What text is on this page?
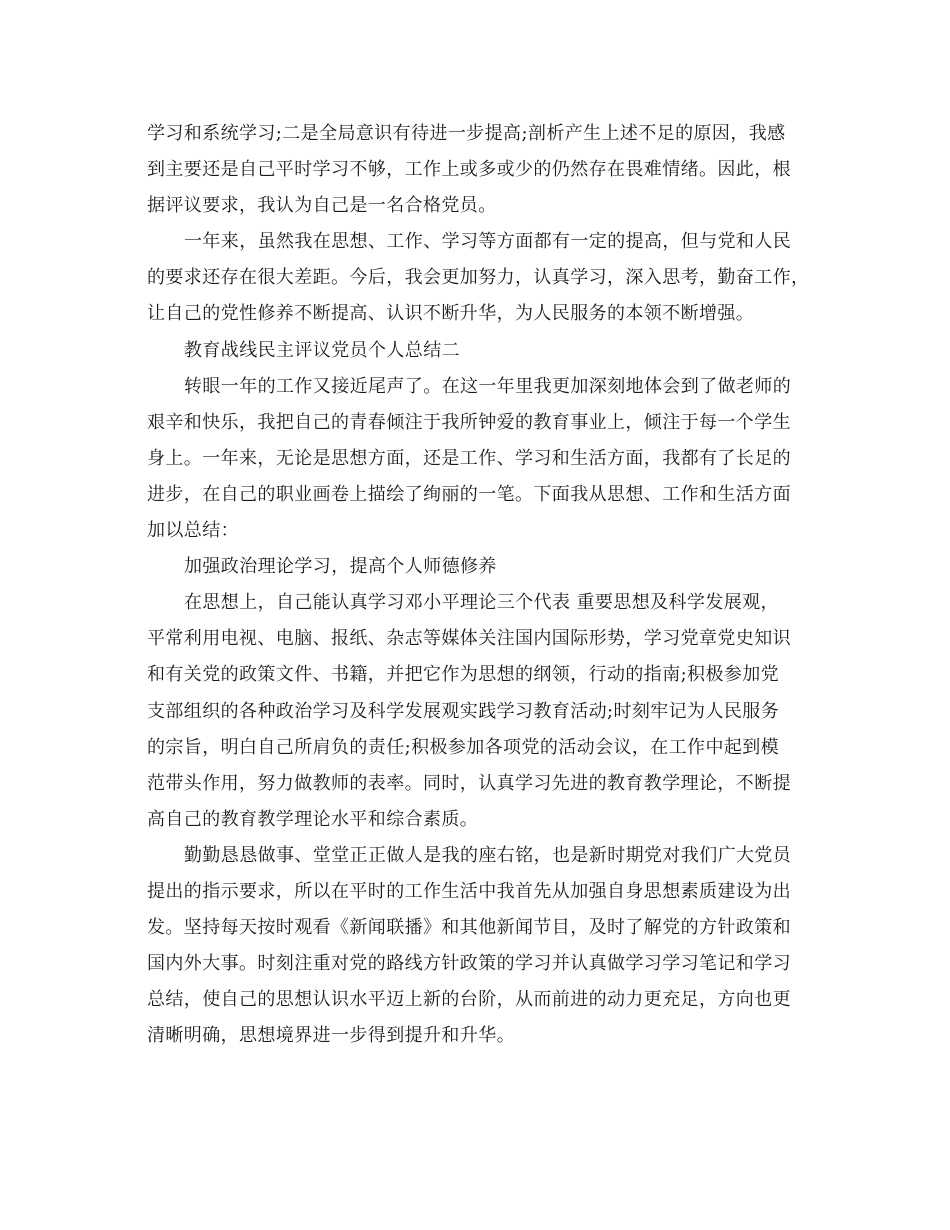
学习和系统学习;二是全局意识有待进一步提高;剖析产生上述不足的原因，我感

到主要还是自己平时学习不够，工作上或多或少的仍然存在畏难情绪。因此，根

据评议要求，我认为自己是一名合格党员。

一年来，虽然我在思想、工作、学习等方面都有一定的提高，但与党和人民

的要求还存在很大差距。今后，我会更加努力，认真学习，深入思考，勤奋工作，

让自己的党性修养不断提高、认识不断升华，为人民服务的本领不断增强。

教育战线民主评议党员个人总结二

转眼一年的工作又接近尾声了。在这一年里我更加深刻地体会到了做老师的

艰辛和快乐，我把自己的青春倾注于我所钟爱的教育事业上，倾注于每一个学生

身上。一年来，无论是思想方面，还是工作、学习和生活方面，我都有了长足的

进步，在自己的职业画卷上描绘了绚丽的一笔。下面我从思想、工作和生活方面

加以总结：

加强政治理论学习，提高个人师德修养

在思想上，自己能认真学习邓小平理论三个代表 重要思想及科学发展观，

平常利用电视、电脑、报纸、杂志等媒体关注国内国际形势，学习党章党史知识

和有关党的政策文件、书籍，并把它作为思想的纲领，行动的指南;积极参加党

支部组织的各种政治学习及科学发展观实践学习教育活动;时刻牢记为人民服务

的宗旨，明白自己所肩负的责任;积极参加各项党的活动会议，在工作中起到模

范带头作用，努力做教师的表率。同时，认真学习先进的教育教学理论，不断提

高自己的教育教学理论水平和综合素质。

勤勤恳恳做事、堂堂正正做人是我的座右铭，也是新时期党对我们广大党员

提出的指示要求，所以在平时的工作生活中我首先从加强自身思想素质建设为出

发。坚持每天按时观看《新闻联播》和其他新闻节目，及时了解党的方针政策和

国内外大事。时刻注重对党的路线方针政策的学习并认真做学习学习笔记和学习

总结，使自己的思想认识水平迈上新的台阶，从而前进的动力更充足，方向也更

清晰明确，思想境界进一步得到提升和升华。
